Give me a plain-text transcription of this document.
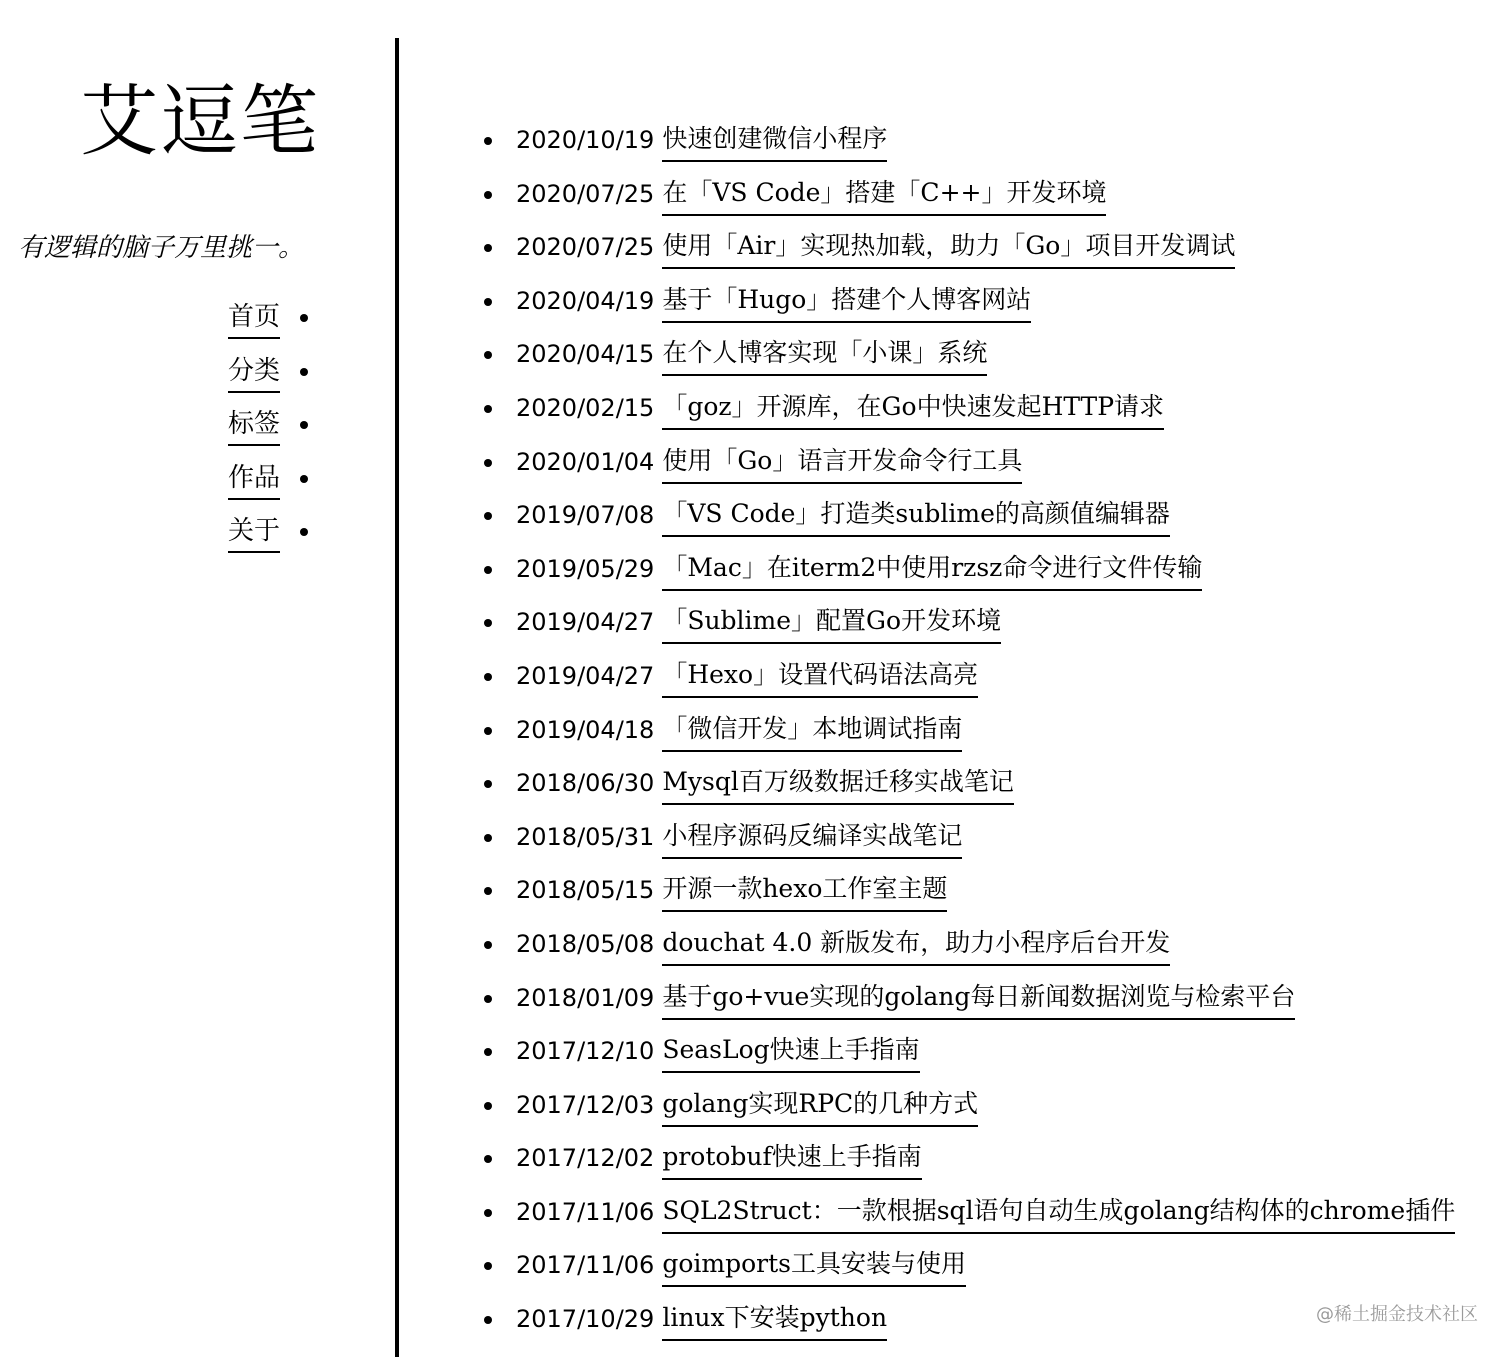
艾逗笔

有逻辑的脑子万里挑一。

首页
分类
标签
作品
关于
2020/10/19 快速创建微信小程序
2020/07/25 在「VS Code」搭建「C++」开发环境
2020/07/25 使用「Air」实现热加载，助力「Go」项目开发调试
2020/04/19 基于「Hugo」搭建个人博客网站
2020/04/15 在个人博客实现「小课」系统
2020/02/15 「goz」开源库，在Go中快速发起HTTP请求
2020/01/04 使用「Go」语言开发命令行工具
2019/07/08 「VS Code」打造类sublime的高颜值编辑器
2019/05/29 「Mac」在iterm2中使用rzsz命令进行文件传输
2019/04/27 「Sublime」配置Go开发环境
2019/04/27 「Hexo」设置代码语法高亮
2019/04/18 「微信开发」本地调试指南
2018/06/30 Mysql百万级数据迁移实战笔记
2018/05/31 小程序源码反编译实战笔记
2018/05/15 开源一款hexo工作室主题
2018/05/08 douchat 4.0 新版发布，助力小程序后台开发
2018/01/09 基于go+vue实现的golang每日新闻数据浏览与检索平台
2017/12/10 SeasLog快速上手指南
2017/12/03 golang实现RPC的几种方式
2017/12/02 protobuf快速上手指南
2017/11/06 SQL2Struct：一款根据sql语句自动生成golang结构体的chrome插件
2017/11/06 goimports工具安装与使用
2017/10/29 linux下安装python	@稀土掘金技术社区
